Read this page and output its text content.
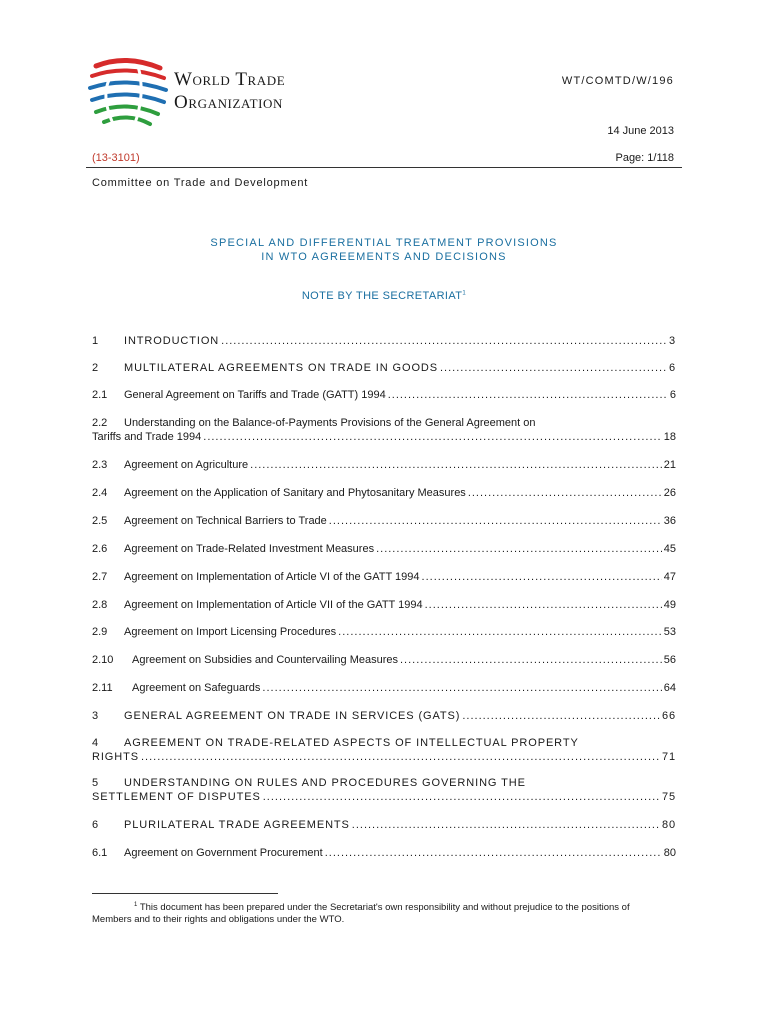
World Trade
Organization
WT/COMTD/W/196
14 June 2013
(13-3101)	Page: 1/118
Committee on Trade and Development
SPECIAL AND DIFFERENTIAL TREATMENT PROVISIONS
IN WTO AGREEMENTS AND DECISIONS
NOTE BY THE SECRETARIAT$^1$
1 INTRODUCTION .....	3
2 MULTILATERAL AGREEMENTS ON TRADE IN GOODS .....	6
2.1 General Agreement on Tariffs and Trade (GATT) 1994 .....	6
2.2 Understanding on the Balance-of-Payments Provisions of the General Agreement on
Tariffs and Trade 1994 .....	18
2.3 Agreement on Agriculture .....	21
2.4 Agreement on the Application of Sanitary and Phytosanitary Measures .....	26
2.5 Agreement on Technical Barriers to Trade .....	36
2.6 Agreement on Trade-Related Investment Measures .....	45
2.7 Agreement on Implementation of Article VI of the GATT 1994 .....	47
2.8 Agreement on Implementation of Article VII of the GATT 1994 .....	49
2.9 Agreement on Import Licensing Procedures .....	53
2.10 Agreement on Subsidies and Countervailing Measures .....	56
2.11 Agreement on Safeguards .....	64
3 GENERAL AGREEMENT ON TRADE IN SERVICES (GATS) .....	66
4 AGREEMENT ON TRADE-RELATED ASPECTS OF INTELLECTUAL PROPERTY
RIGHTS .....	71
5 UNDERSTANDING ON RULES AND PROCEDURES GOVERNING THE
SETTLEMENT OF DISPUTES .....	75
6 PLURILATERAL TRADE AGREEMENTS .....	80
6.1 Agreement on Government Procurement .....	80
$^1$ This document has been prepared under the Secretariat's own responsibility and without prejudice to the positions of Members and to their rights and obligations under the WTO.
